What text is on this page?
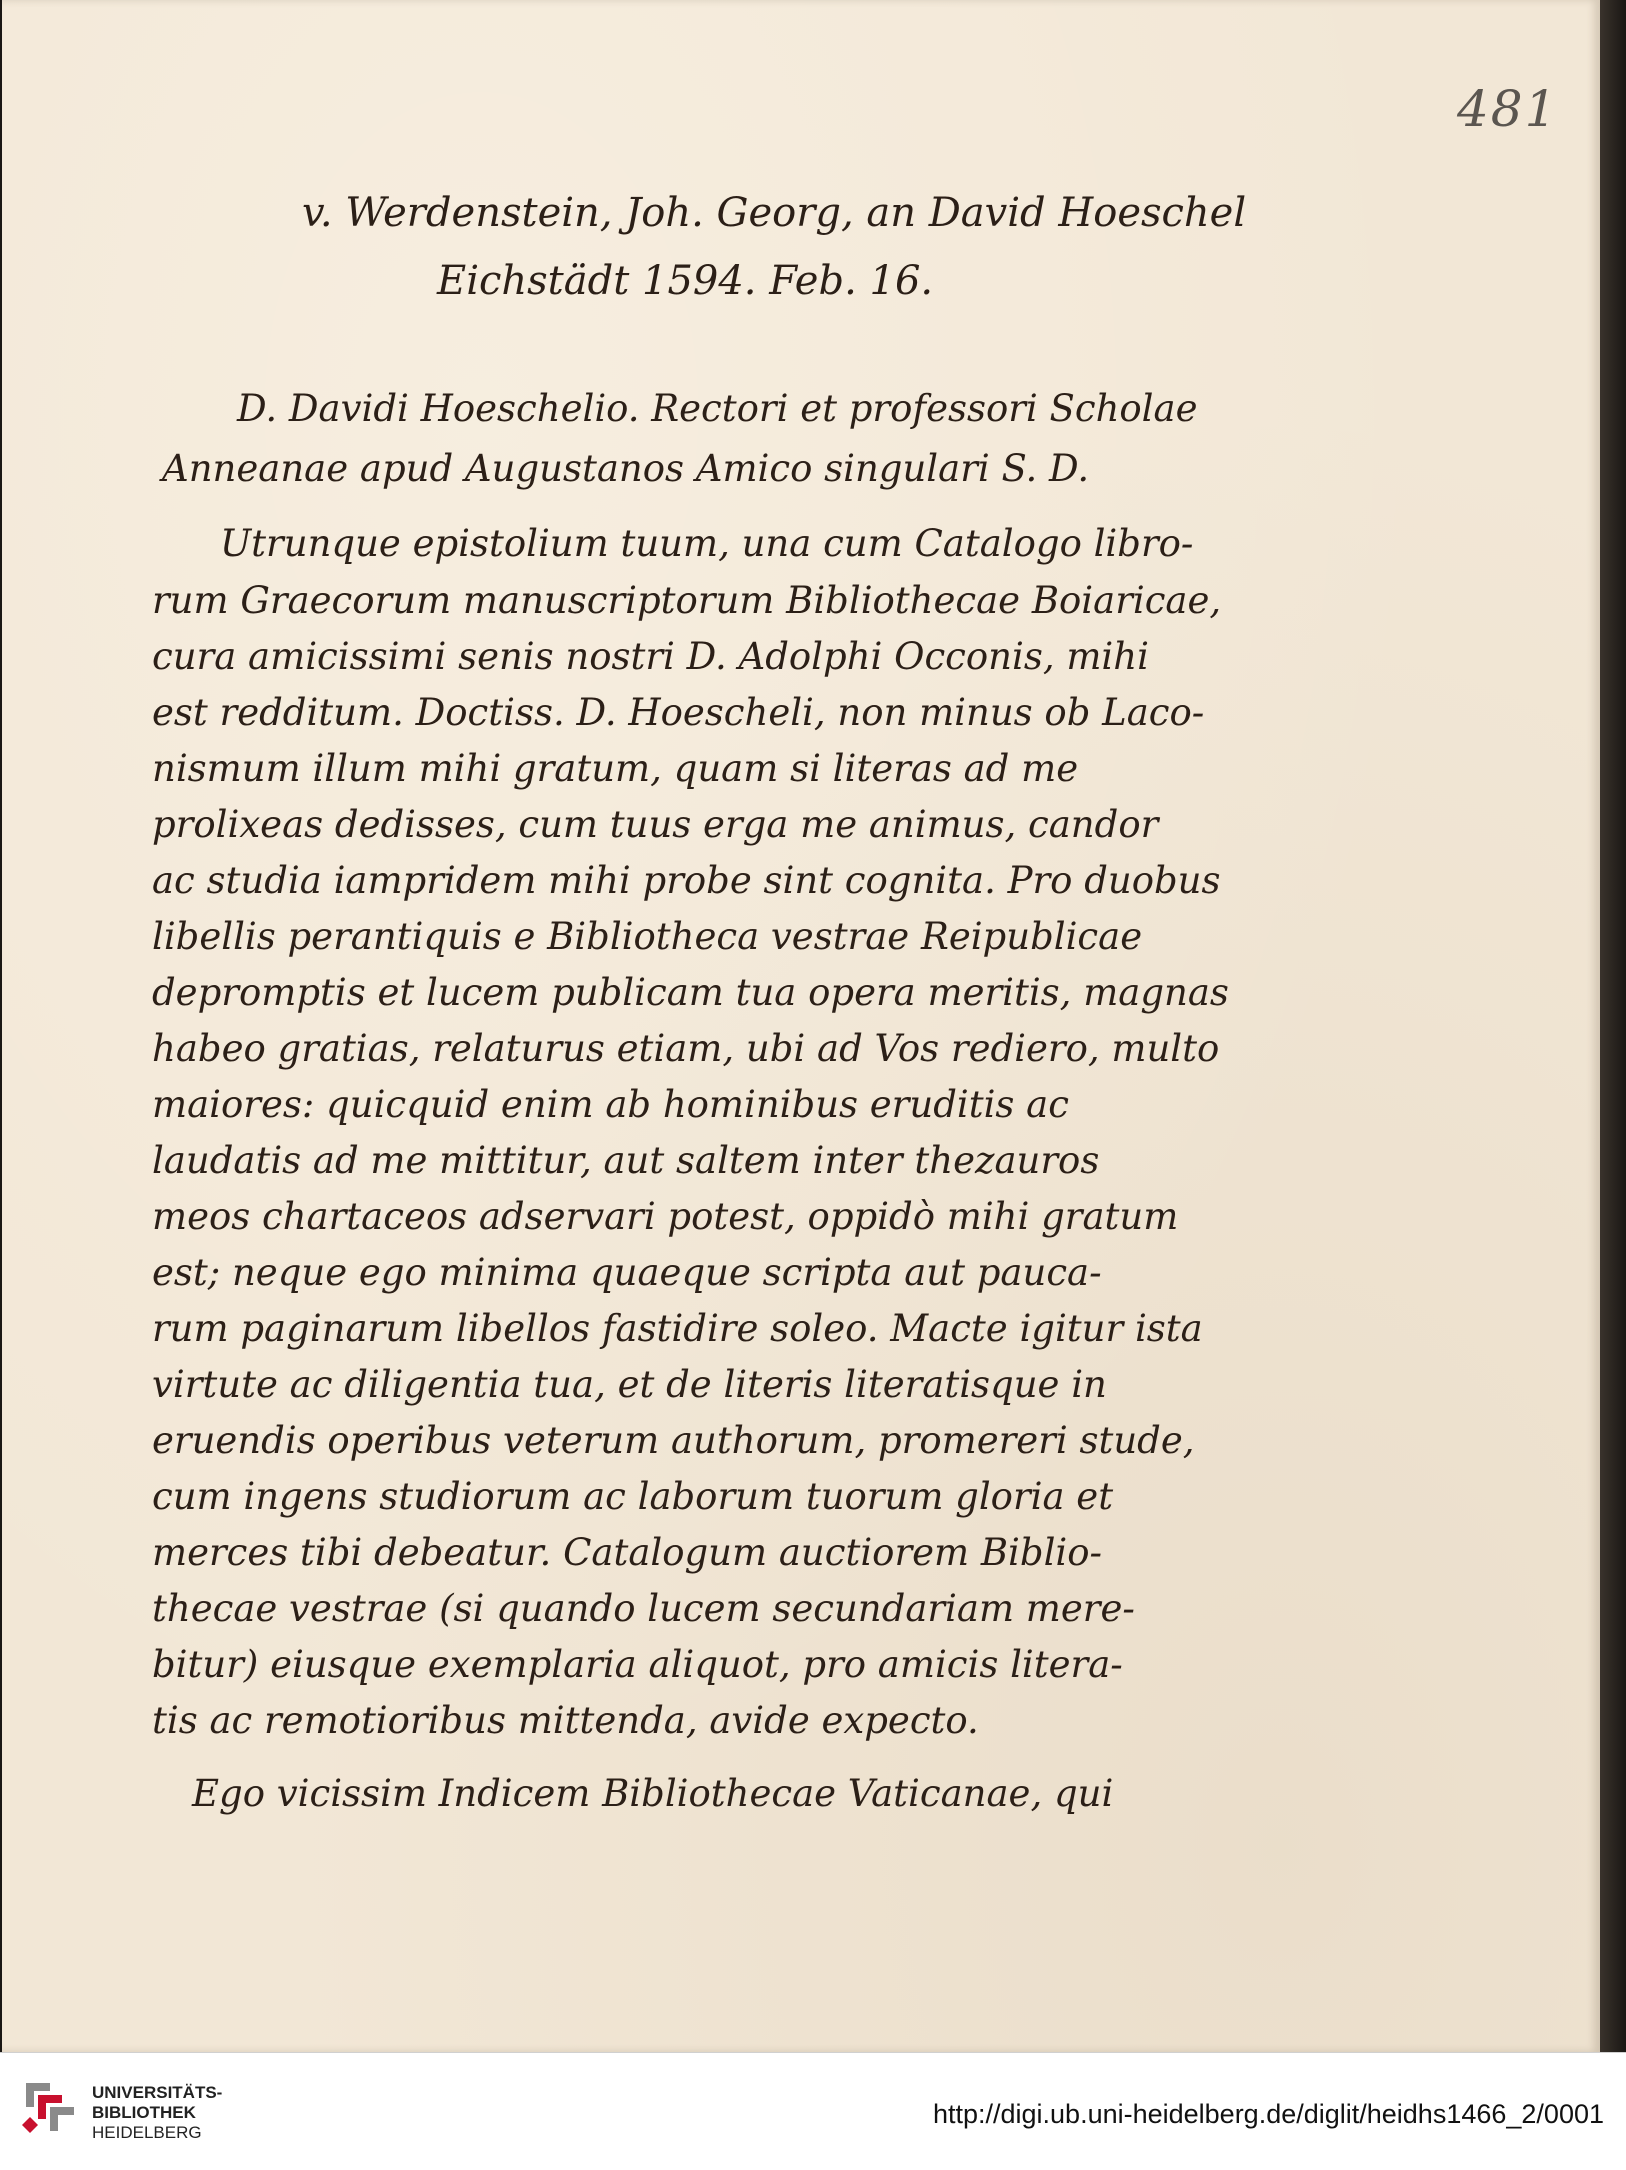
481
v. Werdenstein, Joh. Georg, an David Hoeschel
Eichstädt 1594. Feb. 16.
D. Davidi Hoeschelio. Rectori et professori Scholae
Anneanae apud Augustanos Amico singulari S. D.
Utrunque epistolium tuum, una cum Catalogo libro-
rum Graecorum manuscriptorum Bibliothecae Boiaricae,
cura amicissimi senis nostri D. Adolphi Occonis, mihi
est redditum. Doctiss. D. Hoescheli, non minus ob Laco-
nismum illum mihi gratum, quam si literas ad me
prolixeas dedisses, cum tuus erga me animus, candor
ac studia iampridem mihi probe sint cognita. Pro duobus
libellis perantiquis e Bibliotheca vestrae Reipublicae
depromptis et lucem publicam tua opera meritis, magnas
habeo gratias, relaturus etiam, ubi ad Vos rediero, multo
maiores: quicquid enim ab hominibus eruditis ac
laudatis ad me mittitur, aut saltem inter thezauros
meos chartaceos adservari potest, oppidò mihi gratum
est; neque ego minima quaeque scripta aut pauca-
rum paginarum libellos fastidire soleo. Macte igitur ista
virtute ac diligentia tua, et de literis literatisque in
eruendis operibus veterum authorum, promereri stude,
cum ingens studiorum ac laborum tuorum gloria et
merces tibi debeatur. Catalogum auctiorem Biblio-
thecae vestrae (si quando lucem secundariam mere-
bitur) eiusque exemplaria aliquot, pro amicis litera-
tis ac remotioribus mittenda, avide expecto.
Ego vicissim Indicem Bibliothecae Vaticanae, qui
UNIVERSITÄTS-
BIBLIOTHEK
HEIDELBERG
http://digi.ub.uni-heidelberg.de/diglit/heidhs1466_2/0001
